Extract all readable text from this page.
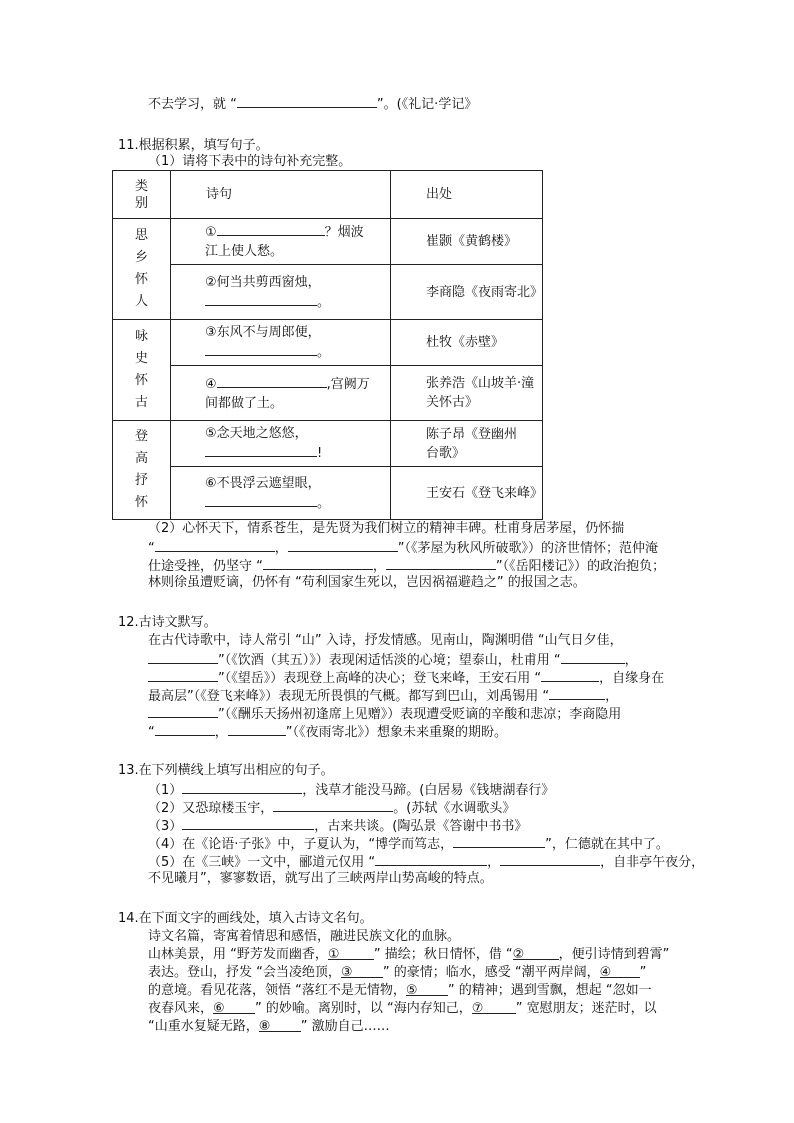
不去学习，就 “	”。(《礼记·学记》
11.根据积累，填写句子。
（1）请将下表中的诗句补充完整。
类别	诗句	出处

思乡怀人	① ？烟波
江上使人愁。	崔颢《黄鹤楼》

	②何当共剪西窗烛，
。	李商隐《夜雨寄北》

咏史怀古	③东风不与周郎便，
。	杜牧《赤壁》

	④ ,宫阙万
间都做了土。	张养浩《山坡羊·潼关怀古》

登高抒怀	⑤念天地之悠悠，
!	陈子昂《登幽州台歌》

	⑥不畏浮云遮望眼，
。	王安石《登飞来峰》
（2）心怀天下，情系苍生，是先贤为我们树立的精神丰碑。杜甫身居茅屋，仍怀揣
“	，	”（《茅屋为秋风所破歌》）的济世情怀；范仲淹
仕途受挫，仍坚守 “	，	”（《岳阳楼记》）的政治抱负；
林则徐虽遭贬谪，仍怀有 “苟利国家生死以，岂因祸福避趋之” 的报国之志。
12.古诗文默写。
在古代诗歌中，诗人常引 “山” 入诗，抒发情感。见南山，陶渊明借 “山气日夕佳，
”（《饮酒（其五）》）表现闲适恬淡的心境；望泰山，杜甫用 “	，
”（《望岳》）表现登上高峰的决心；登飞来峰，王安石用 “	，自缘身在
最高层”（《登飞来峰》）表现无所畏惧的气概。都写到巴山，刘禹锡用 “	，
”（《酬乐天扬州初逢席上见赠》）表现遭受贬谪的辛酸和悲凉；李商隐用
“	，	”（《夜雨寄北》）想象未来重聚的期盼。
13.在下列横线上填写出相应的句子。
（1）	，浅草才能没马蹄。(白居易《钱塘湖春行》
（2）又恐琼楼玉宇，	。(苏轼《水调歌头》
（3）	，古来共谈。(陶弘景《答谢中书书》
（4）在《论语·子张》中，子夏认为，“博学而笃志，	”，仁德就在其中了。
（5）在《三峡》一文中，郦道元仅用 “	，	，自非亭午夜分，
不见曦月”，寥寥数语，就写出了三峡两岸山势高峻的特点。
14.在下面文字的画线处，填入古诗文名句。
诗文名篇，寄寓着情思和感悟，融进民族文化的血脉。
山林美景，用 “野芳发而幽香，①	” 描绘；秋日情怀，借 “②	，便引诗情到碧霄”
表达。登山，抒发 “会当凌绝顶，③ ” 的豪情；临水，感受 “潮平两岸阔，④ ”
的意境。看见花落，领悟 “落红不是无情物，⑤ ” 的精神；遇到雪飘，想起 “忽如一
夜春风来，⑥ ” 的妙喻。离别时，以 “海内存知己，⑦ ” 宽慰朋友；迷茫时，以
“山重水复疑无路，⑧ ” 激励自己……
